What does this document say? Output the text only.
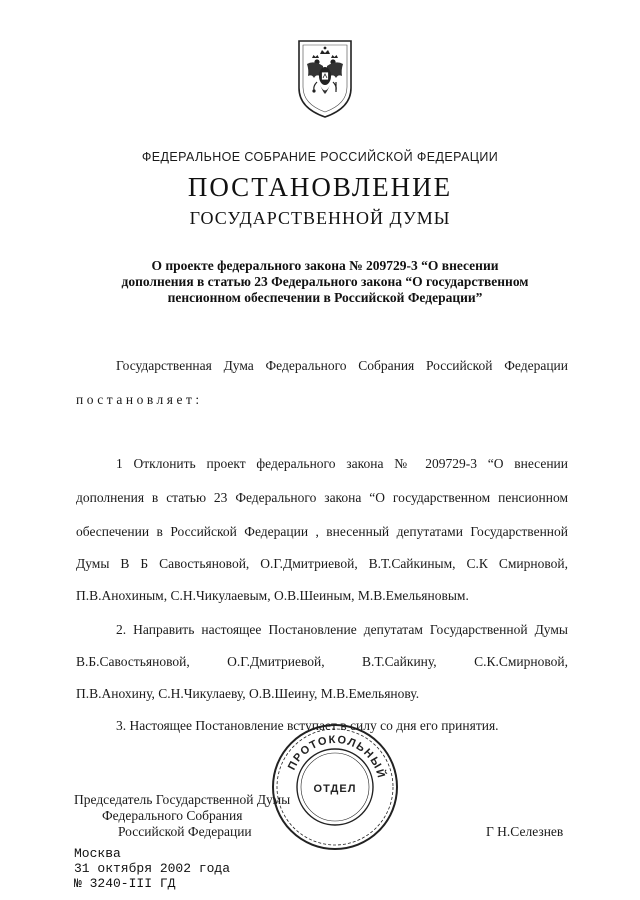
ФЕДЕРАЛЬНОЕ СОБРАНИЕ РОССИЙСКОЙ ФЕДЕРАЦИИ
ПОСТАНОВЛЕНИЕ
ГОСУДАРСТВЕННОЙ ДУМЫ
О проекте федерального закона № 209729-3 “О внесении
дополнения в статью 23 Федерального закона “О государственном
пенсионном обеспечении в Российской Федерации”
Государственная Дума Федерального Собрания Российской Федерации
постановляет:
1 Отклонить проект федерального закона № 209729-3 “О внесении
дополнения в статью 23 Федерального закона “О государственном пенсионном
обеспечении в Российской Федерации , внесенный депутатами Государственной
Думы В Б Савостьяновой, О.Г.Дмитриевой, В.Т.Сайкиным, С.К Смирновой,
П.В.Анохиным, С.Н.Чикулаевым, О.В.Шеиным, М.В.Емельяновым.
2. Направить настоящее Постановление депутатам Государственной Думы
В.Б.Савостьяновой, О.Г.Дмитриевой, В.Т.Сайкину, С.К.Смирновой,
П.В.Анохину, С.Н.Чикулаеву, О.В.Шеину, М.В.Емельянову.
3. Настоящее Постановление вступает в силу со дня его принятия.
Председатель Государственной Думы
Федерального Собрания
Российской Федерации	Г Н.Селезнев
ПРОТОКОЛЬНЫЙ
ОТДЕЛ
Москва
31 октября 2002 года
№ 3240-III ГД
